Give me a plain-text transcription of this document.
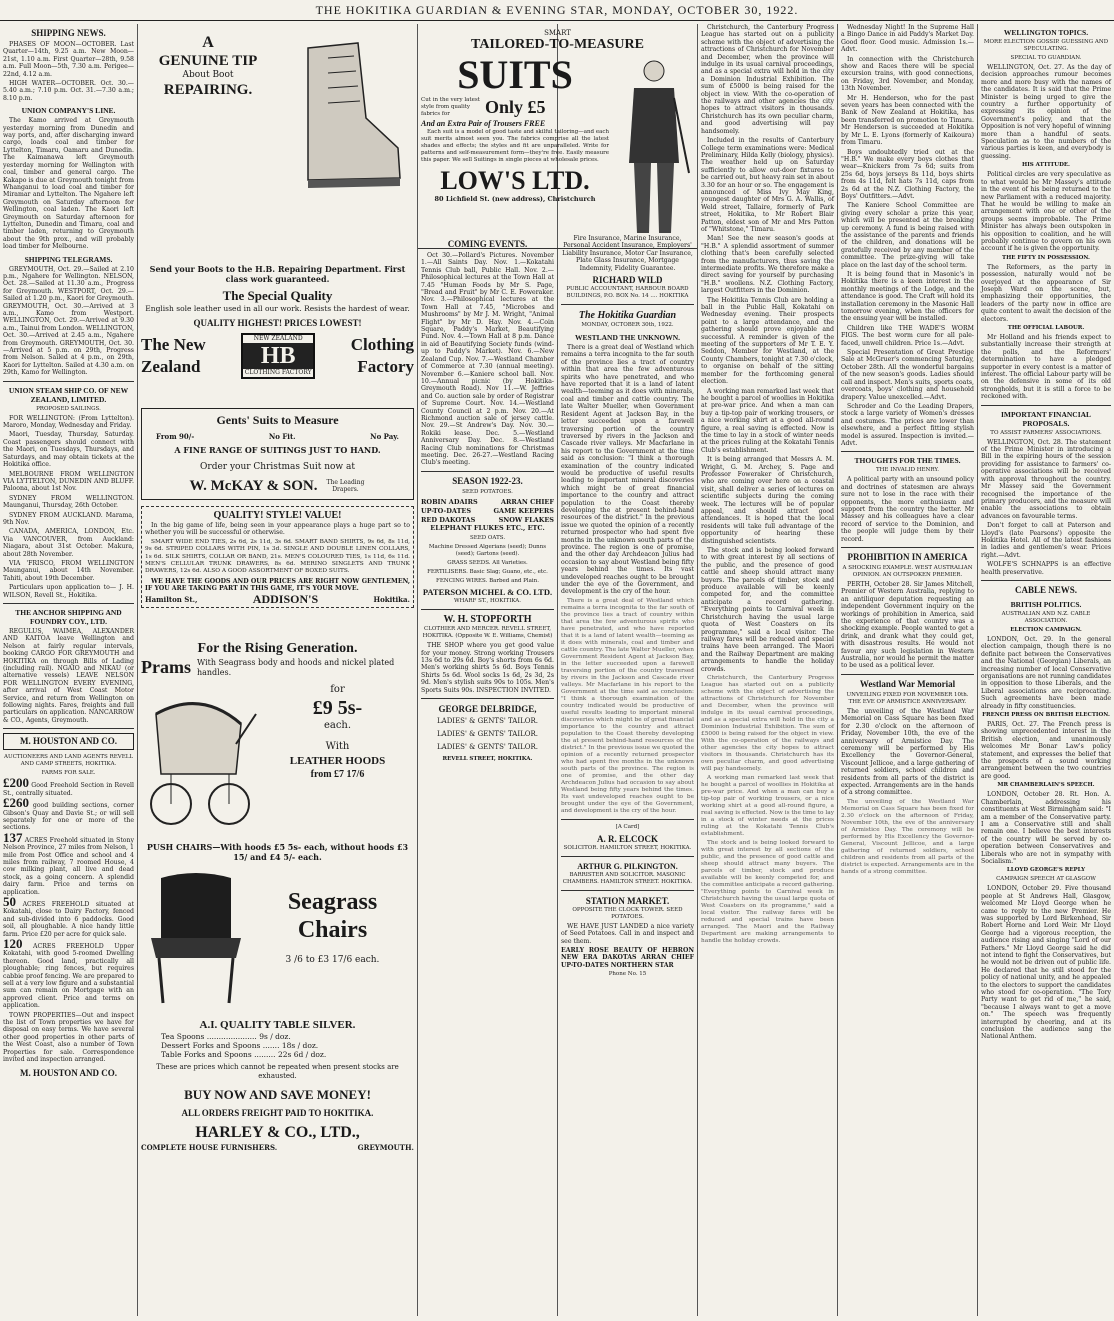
THE HOKITIKA GUARDIAN & EVENING STAR, MONDAY, OCTOBER 30, 1922.
SHIPPING NEWS.

PHASES OF MOON—OCTOBER. Last Quarter—14th, 9.25 a.m. New Moon—21st, 1.10 a.m. First Quarter—28th, 9.58 a.m. Full Moon—5th, 7.30 a.m. Perigee—22nd, 4.12 a.m.

HIGH WATER—OCTOBER. Oct. 30.—5.40 a.m.; 7.10 p.m. Oct. 31.—7.30 a.m.; 8.10 p.m.

UNION COMPANY'S LINE.

The Kamo arrived at Greymouth yesterday morning from Dunedin and way ports, and, after discharging inward cargo, loads coal and timber for Lyttelton, Timaru, Oamaru and Dunedin. The Kaimanawa left Greymouth yesterday morning for Wellington with coal, timber and general cargo. The Kakapo is due at Greymouth tonight from Whanganui to load coal and timber for Miramar and Lyttelton. The Ngahere left Greymouth on Saturday afternoon for Wellington, coal laden. The Kaori left Greymouth on Saturday afternoon for Lyttelton, Dunedin and Timaru, coal and timber laden, returning to Greymouth about the 9th prox., and will probably load timber for Melbourne.

SHIPPING TELEGRAMS.

GREYMOUTH, Oct. 29.—Sailed at 2.10 p.m., Ngahere for Wellington. NELSON, Oct. 28.—Sailed at 11.30 a.m., Progress for Greymouth. WESTPORT, Oct. 29.—Sailed at 1.20 p.m., Kaori for Greymouth. GREYMOUTH, Oct. 30.—Arrived at 3 a.m., Kamo from Westport. WELLINGTON, Oct. 29.—Arrived at 9.30 a.m., Tainui from London. WELLINGTON, Oct. 30.—Arrived at 2.45 a.m., Ngahere from Greymouth. GREYMOUTH, Oct. 30.—Arrived at 5 p.m. on 29th, Progress from Nelson. Sailed at 4 p.m., on 29th, Kaori for Lyttelton. Sailed at 4.30 a.m. on 29th, Kamo for Wellington.

UNION STEAM SHIP CO. OF NEW ZEALAND, LIMITED.
PROPOSED SAILINGS.

FOR WELLINGTON: (From Lyttelton). Maroro, Monday, Wednesday and Friday.

Maori, Tuesday, Thursday, Saturday. Coast passengers should connect with the Maori, on Tuesdays, Thursdays, and Saturdays, and may obtain tickets at the Hokitika office.

MELBOURNE FROM WELLINGTON VIA LYTTELTON, DUNEDIN AND BLUFF. Paloona, about 1st Nov.

SYDNEY FROM WELLINGTON. Maunganui, Thursday, 26th October.

SYDNEY FROM AUCKLAND. Marama, 9th Nov.

CANADA, AMERICA, LONDON, Etc. Via VANCOUVER, from Auckland: Niagara, about 31st October. Makura, about 28th November.

VIA 'FRISCO, FROM WELLINGTON Maunganui, about 14th November. Tahiti, about 19th December.

Particulars upon application to— J. H. WILSON, Revell St., Hokitika.

THE ANCHOR SHIPPING AND FOUNDRY COY., LTD.

REGULUS, WAIMEA, ALEXANDER AND KAITOA leave Wellington and Nelson at fairly regular intervals, booking CARGO FOR GREYMOUTH and HOKITIKA on through Bills of Lading (including rail). NGAIO and NIKAU (or alternative vessels) LEAVE NELSON FOR WELLINGTON EVERY EVENING, after arrival of West Coast Motor Service, and return from Wellington on following nights. Fares, freights and full particulars on application. NANCARROW & CO., Agents, Greymouth.

M. HOUSTON AND CO.
AUCTIONEERS AND LAND AGENTS REVELL AND CAMP STREETS, HOKITIKA.
FARMS FOR SALE.

£200 Good Freehold Section in Revell St., centrally situated.

£260 good building sections, corner Gibson's Quay and Davie St.; or will sell separately for one or more of the sections.

137 ACRES Freehold situated in Stony Nelson Province, 27 miles from Nelson, 1 mile from Post Office and school and 4 miles from railway, 7 roomed House, 4 cow milking plant, all live and dead stock, as a going concern. A splendid dairy farm. Price and terms on application.

50 ACRES FREEHOLD situated at Kokatahi, close to Dairy Factory, fenced and sub-divided into 6 paddocks. Good soil, all ploughable. A nice handy little farm. Price £20 per acre for quick sale.

120 ACRES FREEHOLD Upper Kokatahi, with good 5-roomed Dwelling thereon. Good land, practically all ploughable; ring fences, but requires cabbie proof fencing. We are prepared to sell at a very low figure and a substantial sum can remain on Mortgage with an approved client. Price and terms on application.

TOWN PROPERTIES—Out and inspect the list of Town properties we have for disposal on easy terms. We have several other good properties in other parts of the West Coast, also a number of Town Properties for sale. Correspondence invited and inspection arranged.

M. HOUSTON AND CO.
A
GENUINE TIP
About Boot
REPAIRING.
Send your Boots to the H.B. Repairing Department. First class work guaranteed.
The Special Quality
English sole leather used in all our work. Resists the hardest of wear.
QUALITY HIGHEST! PRICES LOWEST!
The New
Zealand
NEW ZEALAND
HB
CLOTHING FACTORY
Clothing
Factory
Gents' Suits to Measure
From 90/-	No Fit.	No Pay.
A FINE RANGE OF SUITINGS JUST TO HAND.
Order your Christmas Suit now at
W. McKAY & SON. The Leading Drapers.
QUALITY! STYLE! VALUE!

In the big game of life, being seen in your appearance plays a huge part so to whether you will be successful or otherwise.

SMART WIDE END TIES, 2s 6d, 2s 11d, 3s 6d. SMART BAND SHIRTS, 9s 6d, 8s 11d, 9s 6d. STRIPED COLLARS WITH PIN, 1s 3d. SINGLE AND DOUBLE LINEN COLLARS, 1s 6d. SILK SHIRTS, COLLAR OR BAND, 21s. MEN'S COLOURED TIES, 1s 11d, 6s 11d. MEN'S CELLULAR TRUNK DRAWERS, 8s 6d. MERINO SINGLETS AND TRUNK DRAWERS, 12s 6d. ALSO A GOOD ASSORTMENT OF BOXED SUITS.

WE HAVE THE GOODS AND OUR PRICES ARE RIGHT NOW GENTLEMEN, IF YOU ARE TAKING PART IN THIS GAME, IT'S YOUR MOVE.

Hamilton St.,	ADDISON'S	Hokitika.
For the Rising Generation.
Prams With Seagrass body and hoods and nickel plated handles.
for
£9 5s-
each.
With
LEATHER HOODS
from £7 17/6
PUSH CHAIRS—With hoods £5 5s- each, without hoods £3 15/ and £4 5/- each.
Seagrass
Chairs
3 /6 to £3 17/6 each.
A.I. QUALITY TABLE SILVER.
Tea Spoons ..................... 9s / doz.
Dessert Forks and Spoons ....... 18s / doz.
Table Forks and Spoons ......... 22s 6d / doz.
These are prices which cannot be repeated when present stocks are exhausted.
BUY NOW AND SAVE MONEY!
ALL ORDERS FREIGHT PAID TO HOKITIKA.
HARLEY & CO., LTD.,
COMPLETE HOUSE FURNISHERS.	GREYMOUTH.
SMART
TAILORED-TO-MEASURE
SUITS
Cut in the very latest style from quality fabrics for	Only £5
And an Extra Pair of Trousers FREE

Each suit is a model of good taste and skilful tailoring—and each suit merits almost seen you. The fabrics comprise all the latest shades and effects; the styles and fit are unparalleled. Write for patterns and self-measurement form—they're free. Easily measure this paper. We sell Suitings in single pieces at wholesale prices.

LOW'S LTD.
80 Lichfield St. (new address), Christchurch
COMING EVENTS.

Oct 30.—Pollard's Pictures. November 1.—All Saints Day. Nov. 1.—Kokatahi Tennis Club ball, Public Hall. Nov. 2.—Philosophical lectures at the Town Hall at 7.45 "Human Foods by Mr S. Page, "Bread and Fruit" by Mr C. E. Foweraker. Nov. 3.—Philosophical lectures at the Town Hall at 7.45, "Microbes and Mushrooms" by Mr J. M. Wright, "Animal Flight" by Mr D. Hay. Nov. 4.—Coin Square, Paddy's Market, Beautifying Fund. Nov. 4.—Town Hall at 8 p.m. Dance in aid of Beautifying Society funds (wind-up to Paddy's Market). Nov. 6.—New Zealand Cup. Nov. 7.—Westland Chamber of Commerce at 7.30 (annual meeting). November 6.—Kaniere school ball. Nov. 10.—Annual picnic (by Hokitika-Greymouth Road). Nov 11.—W. Jeffries and Co. auction sale by order of Registrar of Supreme Court. Nov. 14.—Westland County Council at 2 p.m. Nov. 20.—At Richmond auction sale of jersey cattle. Nov. 29.—St Andrew's Day. Nov. 30.—Rokiki lease. Dec. 5.—Westland Anniversary Day. Dec. 8.—Westland Racing Club nominations for Christmas meeting. Dec. 26-27.—Westland Racing Club's meeting.

SEASON 1922-23.
SEED POTATOES.
ROBIN ADAIRS	ARRAN CHIEF
UP-TO-DATES	GAME KEEPERS
RED DAKOTAS	SNOW FLAKES
ELEPHANT FLUKES ETC., ETC.
SEED OATS.
Machine Dressed Algerians (seed); Dunns (seed); Gartons (seed).
GRASS SEEDS. All Varieties.
FERTILISERS. Basic Slag; Guano, etc., etc.
FENCING WIRES. Barbed and Plain.
PATERSON MICHEL & CO. LTD.
WHARF ST., HOKITIKA.
W. H. STOPFORTH
CLOTHIER AND MERCER. REVELL STREET, HOKITIKA. (Opposite W. E. Williams, Chemist)

THE SHOP where you get good value for your money. Strong working Trousers 13s 6d to 29s 6d. Boy's shorts from 6s 6d. Men's working shirts 5s 6d. Boys Tennis Shirts 5s 6d. Wool socks 1s 6d, 2s 3d, 2s 9d. Men's stylish suits 90s to 105s. Men's Sports Suits 90s. INSPECTION INVITED.

GEORGE DELBRIDGE,
LADIES' & GENTS' TAILOR. LADIES' & GENTS' TAILOR. LADIES' & GENTS' TAILOR.
REVELL STREET, HOKITIKA.

Fire Insurance, Marine Insurance, Personal Accident Insurance, Employers' Liability Insurance, Motor Car Insurance, Plate Glass Insurance, Mortgage Indemnity, Fidelity Guarantee.

RICHARD WILD
PUBLIC ACCOUNTANT, HARBOUR BOARD BUILDINGS, P.O. BOX No. 14 .... HOKITIKA
The Hokitika Guardian
MONDAY, OCTOBER 30th, 1922.
WESTLAND THE UNKNOWN.

There is a great deal of Westland which remains a terra incognita to the far south of the province lies a tract of country within that area the few adventurous spirits who have penetrated, and who have reported that it is a land of latent wealth—teeming as it does with minerals, coal and timber and cattle country. The late Walter Mueller, when Government Resident Agent at Jackson Bay, in the letter succeeded upon a farewell traversing portion of the country traversed by rivers in the Jackson and Cascade river valleys. Mr Macfarlane in his report to the Government at the time said as conclusion: "I think a thorough examination of the country indicated would be productive of useful results leading to important mineral discoveries which might be of great financial importance to the country and attract population to the Coast thereby developing the at present behind-hand resources of the district." In the previous issue we quoted the opinion of a recently returned prospector who had spent five months in the unknown south parts of the province. The region is one of promise, and the other day Archdeacon Julius had occasion to say about Westland being fifty years behind the times. Its vast undeveloped reaches ought to be brought under the eye of the Government, and development is the cry of the hour.

There is a great deal of Westland which remains a terra incognita to the far south of the province lies a tract of country within that area the few adventurous spirits who have penetrated, and who have reported that it is a land of latent wealth—teeming as it does with minerals, coal and timber and cattle country. The late Walter Mueller, when Government Resident Agent at Jackson Bay, in the letter succeeded upon a farewell traversing portion of the country traversed by rivers in the Jackson and Cascade river valleys. Mr Macfarlane in his report to the Government at the time said as conclusion: "I think a thorough examination of the country indicated would be productive of useful results leading to important mineral discoveries which might be of great financial importance to the country and attract population to the Coast thereby developing the at present behind-hand resources of the district." In the previous issue we quoted the opinion of a recently returned prospector who had spent five months in the unknown south parts of the province. The region is one of promise, and the other day Archdeacon Julius had occasion to say about Westland being fifty years behind the times. Its vast undeveloped reaches ought to be brought under the eye of the Government, and development is the cry of the hour.

[A Card]
A. R. ELCOCK
SOLICITOR. HAMILTON STREET, HOKITIKA.
ARTHUR G. PILKINGTON.
BARRISTER AND SOLICITOR. MASONIC CHAMBERS. HAMILTON STREET. HOKITIKA.
STATION MARKET.
OPPOSITE THE CLOCK TOWER. SEED POTATOES.

WE HAVE JUST LANDED a nice variety of Seed Potatoes. Call in and inspect and see them.

EARLY ROSE BEAUTY OF HEBRON NEW ERA DAKOTAS ARRAN CHIEF UP-TO-DATES NORTHERN STAR

Phone No. 15

Christchurch, the Canterbury Progress League has started out on a publicity scheme with the object of advertising the attractions of Christchurch for November and December, when the province will indulge in its usual carnival proceedings, and as a special extra will hold in the city a Dominion Industrial Exhibition. The sum of £5000 is being raised for the object in view. With the co-operation of the railways and other agencies the city hopes to attract visitors in thousands. Christchurch has its own peculiar charm, and good advertising will pay handsomely.

Included in the results of Canterbury College term examinations were: Medical Preliminary, Hilda Kelly (biology, physics). The weather held up on Saturday sufficiently to allow out-door fixtures to be carried out, but heavy rain set in about 3.30 for an hour or so. The engagement is announced of Miss Ivy May King, youngest daughter of Mrs G. A. Wallis, of Weld street, Tallaire, formerly of Park street, Hokitika, to Mr Robert Blair Patton, eldest son of Mr and Mrs Patton of "Whitstone," Timaru.

Man! See the new season's goods at "H.B." A splendid assortment of summer clothing that's been carefully selected from the manufacturers, thus saving the intermediate profits. We therefore make a direct saving for yourself by purchasing "H.B." woollens. N.Z. Clothing Factory, largest Outfitters in the Dominion.

The Hokitika Tennis Club are holding a ball in the Public Hall, Kokatahi on Wednesday evening. Their prospects point to a large attendance, and the gathering should prove enjoyable and successful. A reminder is given of the meeting of the supporters of Mr T. E. Y. Seddon, Member for Westland, at the County Chambers, tonight at 7.30 o'clock, to organise on behalf of the sitting member for the forthcoming general election.

A working man remarked last week that he bought a parcel of woollies in Hokitika at pre-war price. And when a man can buy a tip-top pair of working trousers, or a nice working shirt at a good all-round figure, a real saving is effected. Now is the time to lay in a stock of winter needs at the prices ruling at the Kokatahi Tennis Club's establishment.

It is being arranged that Messrs A. M. Wright, G. M. Archey, S. Page and Professor Foweraker of Christchurch, who are coming over here on a coastal visit, shall deliver a series of lectures on scientific subjects during the coming week. The lectures will be of popular appeal, and should attract good attendances. It is hoped that the local residents will take full advantage of the opportunity of hearing these distinguished scientists.

The stock and is being looked forward to with great interest by all sections of the public, and the presence of good cattle and sheep should attract many buyers. The parcels of timber, stock and produce available will be keenly competed for, and the committee anticipate a record gathering. "Everything points to Carnival week in Christchurch having the usual large quota of West Coasters on its programme," said a local visitor. The railway fares will be reduced and special trains have been arranged. The Maori and the Railway Department are making arrangements to handle the holiday crowds.

Christchurch, the Canterbury Progress League has started out on a publicity scheme with the object of advertising the attractions of Christchurch for November and December, when the province will indulge in its usual carnival proceedings, and as a special extra will hold in the city a Dominion Industrial Exhibition. The sum of £5000 is being raised for the object in view. With the co-operation of the railways and other agencies the city hopes to attract visitors in thousands. Christchurch has its own peculiar charm, and good advertising will pay handsomely.

A working man remarked last week that he bought a parcel of woollies in Hokitika at pre-war price. And when a man can buy a tip-top pair of working trousers, or a nice working shirt at a good all-round figure, a real saving is effected. Now is the time to lay in a stock of winter needs at the prices ruling at the Kokatahi Tennis Club's establishment.

The stock and is being looked forward to with great interest by all sections of the public, and the presence of good cattle and sheep should attract many buyers. The parcels of timber, stock and produce available will be keenly competed for, and the committee anticipate a record gathering. "Everything points to Carnival week in Christchurch having the usual large quota of West Coasters on its programme," said a local visitor. The railway fares will be reduced and special trains have been arranged. The Maori and the Railway Department are making arrangements to handle the holiday crowds.

Wednesday Night! In the Supreme Hall a Bingo Dance in aid Paddy's Market Day. Good floor. Good music. Admission 1s.—Advt.

In connection with the Christchurch show and Races there will be special excursion trains, with good connections, on Friday, 3rd November, and Monday, 13th November.

Mr H. Henderson, who for the past seven years has been connected with the Bank of New Zealand at Hokitika, has been transferred on promotion to Timaru. Mr Henderson is succeeded at Hokitika by Mr L. E. Lyons (formerly of Kaikoura) from Timaru.

Boys undoubtedly tried out at the "H.B." We make every boys clothes that wear—Knickers from 7s 6d; suits from 25s 6d, boys jerseys 8s 11d, boys shirts from 4s 11d, felt hats 7s 11d, caps from 2s 6d at the N.Z. Clothing Factory, the Boys' Outfitters.—Advt.

The Kaniere School Committee are giving every scholar a prize this year, which will be presented at the breaking up ceremony. A fund is being raised with the assistance of the parents and friends of the children, and donations will be gratefully received by any member of the committee. The prize-giving will take place on the last day of the school term.

It is being found that in Masonic's in Hokitika there is a keen interest in the monthly meetings of the Lodge, and the attendance is good. The Craft will hold its installation ceremony in the Masonic Hall tomorrow evening, when the officers for the ensuing year will be installed.

Children like THE WADE'S WORM FIGS. The best worm cure for all pale-faced, unwell children. Price 1s.—Advt.

Special Presentation of Great Prestige Sale at McGruer's commencing Saturday, October 28th. All the wonderful bargains of the new season's goods. Ladies should call and inspect. Men's suits, sports coats, overcoats, boys' clothing and household drapery. Value unexcelled.—Advt.

Schroder and Co the Leading Drapers, stock a large variety of Women's dresses and costumes. The prices are lower than elsewhere, and a perfect fitting stylish model is assured. Inspection is invited.—Advt.

THOUGHTS FOR THE TIMES.
THE INVALID HENRY.

A political party with an unsound policy and doctrines of statesmen are always sure not to lose in the race with their opponents, the more enthusiasm and support from the country the better. Mr Massey and his colleagues have a clear record of service to the Dominion, and the people will judge them by their record.

PROHIBITION IN AMERICA
A SHOCKING EXAMPLE. WEST AUSTRALIAN OPINION. AN OUTSPOKEN PREMIER.

PERTH, October 28. Sir James Mitchell, Premier of Western Australia, replying to an antiliquor deputation requesting an independent Government inquiry on the workings of prohibition in America, said the experience of that country was a shocking example. People wanted to get a drink, and drank what they could get, with disastrous results. He would not favour any such legislation in Western Australia, nor would he permit the matter to be used as a political lever.

Westland War Memorial
UNVEILING FIXED FOR NOVEMBER 10th. THE EVE OF ARMISTICE ANNIVERSARY.

The unveiling of the Westland War Memorial on Cass Square has been fixed for 2.30 o'clock on the afternoon of Friday, November 10th, the eve of the anniversary of Armistice Day. The ceremony will be performed by His Excellency the Governor-General, Viscount Jellicoe, and a large gathering of returned soldiers, school children and residents from all parts of the district is expected. Arrangements are in the hands of a strong committee.

The unveiling of the Westland War Memorial on Cass Square has been fixed for 2.30 o'clock on the afternoon of Friday, November 10th, the eve of the anniversary of Armistice Day. The ceremony will be performed by His Excellency the Governor-General, Viscount Jellicoe, and a large gathering of returned soldiers, school children and residents from all parts of the district is expected. Arrangements are in the hands of a strong committee.

WELLINGTON TOPICS.
MORE ELECTION GOSSIP. GUESSING AND SPECULATING.
SPECIAL TO GUARDIAN.

WELLINGTON, Oct. 27. As the day of decision approaches rumour becomes more and more busy with the names of the candidates. It is said that the Prime Minister is being urged to give the country a further opportunity of expressing its opinion of the Government's policy, and that the Opposition is not very hopeful of winning more than a handful of seats. Speculation as to the numbers of the various parties is keen, and everybody is guessing.

HIS ATTITUDE.

Political circles are very speculative as to what would be Mr Massey's attitude in the event of his being returned to the new Parliament with a reduced majority. That he would be willing to make an arrangement with one or other of the groups seems improbable. The Prime Minister has always been outspoken in his opposition to coalition, and he will probably continue to govern on his own account if he is given the opportunity.

THE FIFTY IN POSSESSION.

The Reformers, as the party in possession, naturally would not be overjoyed at the appearance of Sir Joseph Ward on the scene, but, emphasizing their opportunities, the leaders of the party now in office are quite content to await the decision of the electors.

THE OFFICIAL LABOUR.

Mr Holland and his friends expect to substantially increase their strength at the polls, and the Reformers' determination to have a pledged supporter in every contest is a matter of interest. The official Labour party will be on the defensive in some of its old strongholds, but it is still a force to be reckoned with.

IMPORTANT FINANCIAL PROPOSALS.
TO ASSIST FARMERS' ASSOCIATIONS.

WELLINGTON, Oct. 28. The statement of the Prime Minister in introducing a Bill in the expiring hours of the session providing for assistance to farmers' co-operative associations will be received with approval throughout the country. Mr Massey said the Government recognised the importance of the primary producers, and the measure will enable the associations to obtain advances on favourable terms.

Don't forget to call at Paterson and Lloyd's (late Pearsons') opposite the Hokitika Hotel. All of the latest fashions in ladies and gentlemen's wear. Prices right.—Advt.

WOLFE'S SCHNAPPS is an effective health preservative.

CABLE NEWS.
BRITISH POLITICS.
AUSTRALIAN AND N.Z. CABLE ASSOCIATION.
ELECTION CAMPAIGN.

LONDON, Oct. 29. In the general election campaign, though there is no definite pact between the Conservatives and the National (Georgian) Liberals, an increasing number of local Conservative organisations are not running candidates in opposition to those Liberals, and the Liberal associations are reciprocating. Such agreements have been made already in fifty constituencies.

FRENCH PRESS ON BRITISH ELECTION.

PARIS, Oct. 27. The French press is showing unprecedented interest in the British election, and unanimously welcomes Mr Bonar Law's policy statement, and expresses the belief that the prospects of a sound working arrangement between the two countries are good.

MR CHAMBERLAIN'S SPEECH.

LONDON, October 28. Rt. Hon. A. Chamberlain, addressing his constituents at West Birmingham said: "I am a member of the Conservative party. I am a Conservative still and shall remain one. I believe the best interests of the country will be served by co-operation between Conservatives and Liberals who are not in sympathy with Socialism."

LLOYD GEORGE'S REPLY
CAMPAIGN SPEECH AT GLASGOW

LONDON, October 29. Five thousand people at St Andrews Hall, Glasgow, welcomed Mr Lloyd George when he came to reply to the new Premier. He was supported by Lord Birkenhead, Sir Robert Horne and Lord Weir. Mr Lloyd George had a vigorous reception, the audience rising and singing "Lord of our Fathers." Mr Lloyd George said he did not intend to fight the Conservatives, but he would not be driven out of public life. He declared that he still stood for the policy of national unity, and he appealed to the electors to support the candidates who stood for co-operation. "The Tory Party want to get rid of me," he said, "because I always want to get a move on." The speech was frequently interrupted by cheering, and at its conclusion the audience sang the National Anthem.
